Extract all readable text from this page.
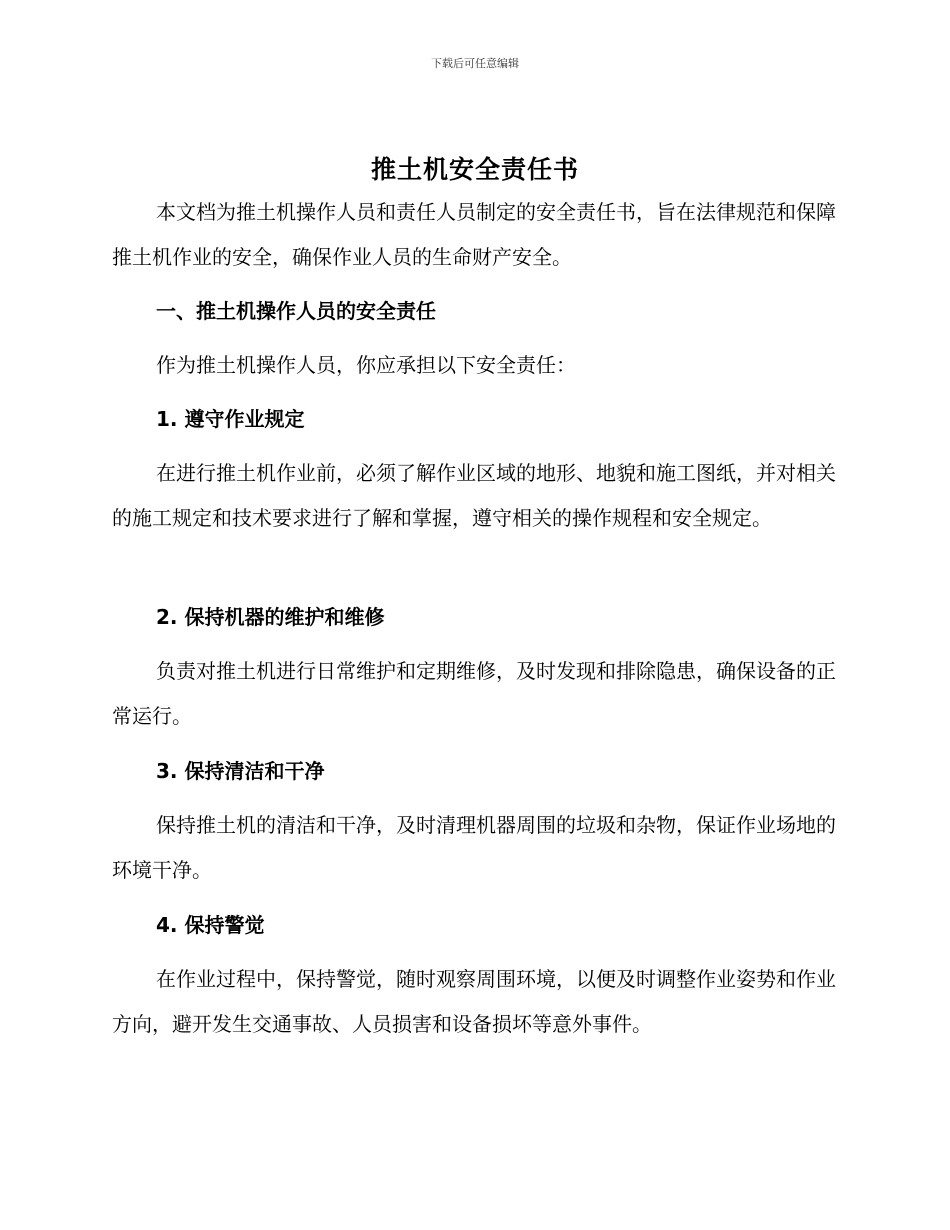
下载后可任意编辑
推土机安全责任书
本文档为推土机操作人员和责任人员制定的安全责任书，旨在法律规范和保障推土机作业的安全，确保作业人员的生命财产安全。
一、推土机操作人员的安全责任
作为推土机操作人员，你应承担以下安全责任：
1. 遵守作业规定
在进行推土机作业前，必须了解作业区域的地形、地貌和施工图纸，并对相关的施工规定和技术要求进行了解和掌握，遵守相关的操作规程和安全规定。
2. 保持机器的维护和维修
负责对推土机进行日常维护和定期维修，及时发现和排除隐患，确保设备的正常运行。
3. 保持清洁和干净
保持推土机的清洁和干净，及时清理机器周围的垃圾和杂物，保证作业场地的环境干净。
4. 保持警觉
在作业过程中，保持警觉，随时观察周围环境，以便及时调整作业姿势和作业方向，避开发生交通事故、人员损害和设备损坏等意外事件。
